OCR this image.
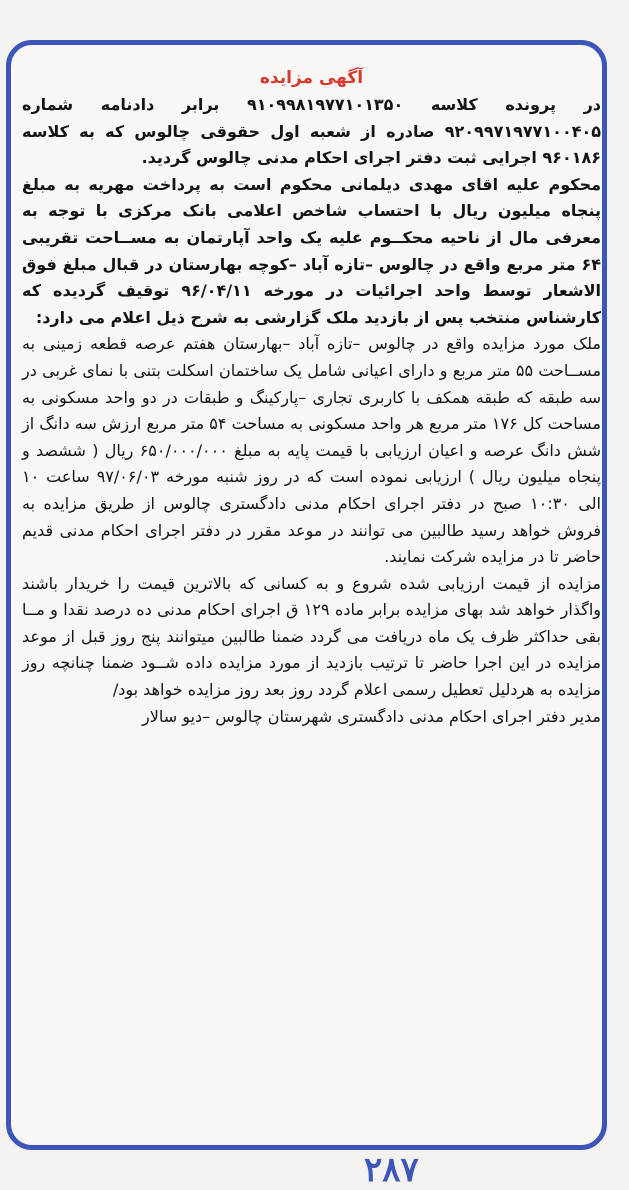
آگهی مزایده

در پرونده کلاسه ۹۱۰۹۹۸۱۹۷۷۱۰۱۳۵۰ برابر دادنامه شماره ۹۲۰۹۹۷۱۹۷۷۱۰۰۴۰۵ صادره از شعبه اول حقوقی چالوس که به کلاسه ۹۶۰۱۸۶ اجرایی ثبت دفتر اجرای احکام مدنی چالوس گردید.

محکوم علیه اقای مهدی دیلمانی محکوم است به پرداخت مهریه به مبلغ پنجاه میلیون ریال با احتساب شاخص اعلامی بانک مرکزی با توجه به معرفی مال از ناحیه محکــوم علیه یک واحد آپارتمان به مســاحت تقریبی ۶۴ متر مربع واقع در چالوس –تازه آباد –کوچه بهارستان در قبال مبلغ فوق الاشعار توسط واحد اجرائیات در مورخه ۹۶/۰۴/۱۱ توقیف گردیده که کارشناس منتخب پس از بازدید ملک گزارشی به شرح ذیل اعلام می دارد:

ملک مورد مزایده واقع در چالوس –تازه آباد –بهارستان هفتم عرصه قطعه زمینی به مســاحت ۵۵ متر مربع و دارای اعیانی شامل یک ساختمان اسکلت بتنی با نمای غربی در سه طبقه که طبقه همکف با کاربری تجاری –پارکینگ و طبقات در دو واحد مسکونی به مساحت کل ۱۷۶ متر مربع هر واحد مسکونی به مساحت ۵۴ متر مربع ارزش سه دانگ از شش دانگ عرصه و اعیان ارزیابی با قیمت پایه به مبلغ ۶۵۰/۰۰۰/۰۰۰ ریال ( ششصد و پنجاه میلیون ریال ) ارزیابی نموده است که در روز شنبه مورخه ۹۷/۰۶/۰۳ ساعت ۱۰ الی ۱۰:۳۰ صبح در دفتر اجرای احکام مدنی دادگستری چالوس از طریق مزایده به فروش خواهد رسید طالبین می توانند در موعد مقرر در دفتر اجرای احکام مدنی قدیم حاضر تا در مزایده شرکت نمایند.

مزایده از قیمت ارزیابی شده شروع و به کسانی که بالاترین قیمت را خریدار باشند واگذار خواهد شد بهای مزایده برابر ماده ۱۲۹ ق اجرای احکام مدنی ده درصد نقدا و مــا بقی حداکثر ظرف یک ماه دریافت می گردد ضمنا طالبین میتوانند پنج روز قبل از موعد مزایده در این اجرا حاضر تا ترتیب بازدید از مورد مزایده داده شــود ضمنا چنانچه روز مزایده به هردلیل تعطیل رسمی اعلام گردد روز بعد روز مزایده خواهد بود/

مدیر دفتر اجرای احکام مدنی دادگستری شهرستان چالوس –دیو سالار

۲۸۷
